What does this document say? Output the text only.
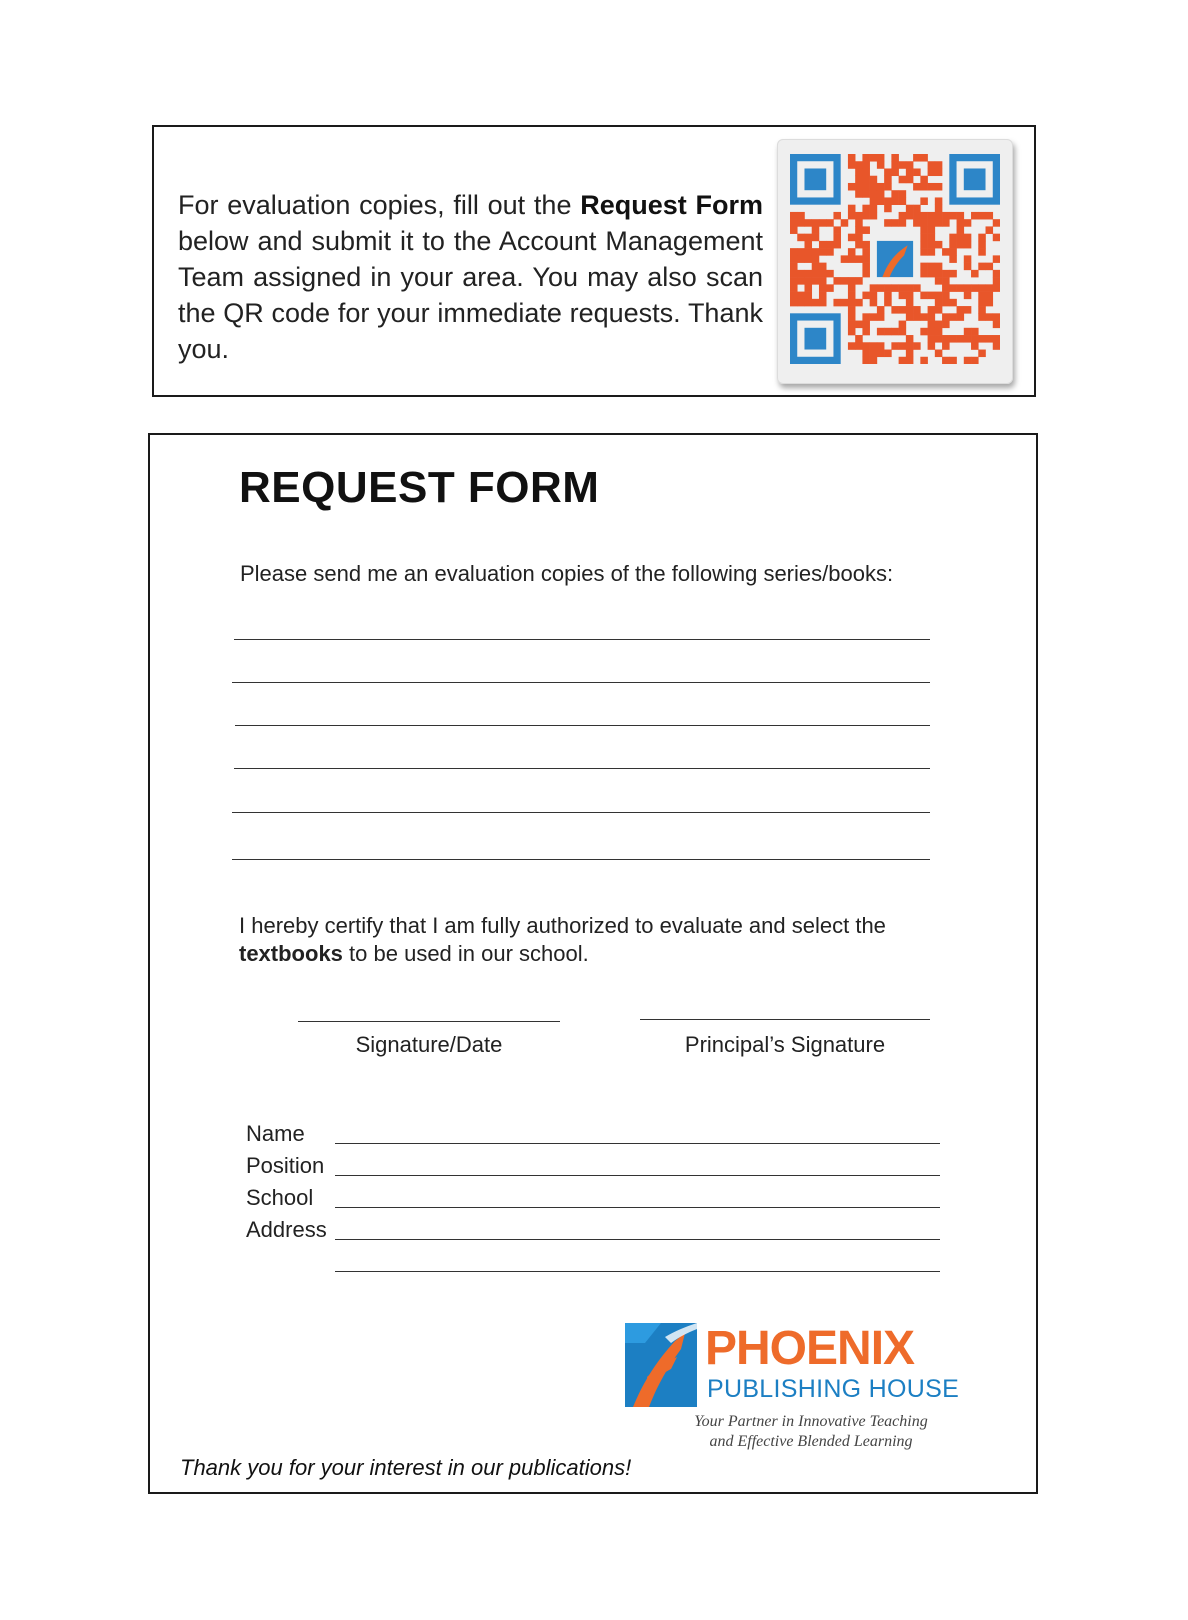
For evaluation copies, fill out the Request Form below and submit it to the Account Management Team assigned in your area. You may also scan the QR code for your immediate requests. Thank you.
REQUEST FORM
Please send me an evaluation copies of the following series/books:
I hereby certify that I am fully authorized to evaluate and select the textbooks to be used in our school.
Signature/Date	Principal’s Signature
Name
Position
School
Address
PHOENIX
PUBLISHING HOUSE
Your Partner in Innovative Teaching
and Effective Blended Learning
Thank you for your interest in our publications!
